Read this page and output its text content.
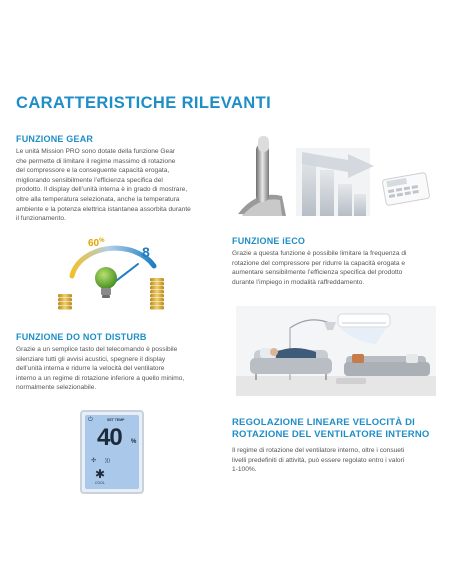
CARATTERISTICHE RILEVANTI
FUNZIONE GEAR

Le unità Mission PRO sono dotate della funzione Gear
che permette di limitare il regime massimo di rotazione
del compressore e la conseguente capacità erogata,
migliorando sensibilmente l’efficienza specifica del
prodotto. Il display dell’unità interna è in grado di mostrare,
oltre alla temperatura selezionata, anche la temperatura
ambiente e la potenza elettrica istantanea assorbita durante
il funzionamento.

60%
8
FUNZIONE iECO

Grazie a questa funzione è possibile limitare la frequenza di
rotazione del compressore per ridurre la capacità erogata e
aumentare sensibilmente l’efficienza specifica del prodotto
durante l’impiego in modalità raffreddamento.

FUNZIONE DO NOT DISTURB

Grazie a un semplice tasto del telecomando è possibile
silenziare tutti gli avvisi acustici, spegnere il display
dell’unità interna e ridurre la velocità del ventilatore
interno a un regime di rotazione inferiore a quello minimo,
normalmente selezionabile.

⏻	SET TEMP
40 %
✣ )))
✱
COOL
REGOLAZIONE LINEARE VELOCITÀ DI
ROTAZIONE DEL VENTILATORE INTERNO

Il regime di rotazione del ventilatore interno, oltre i consueti
livelli predefiniti di attività, può essere regolato entro i valori
1-100%.
